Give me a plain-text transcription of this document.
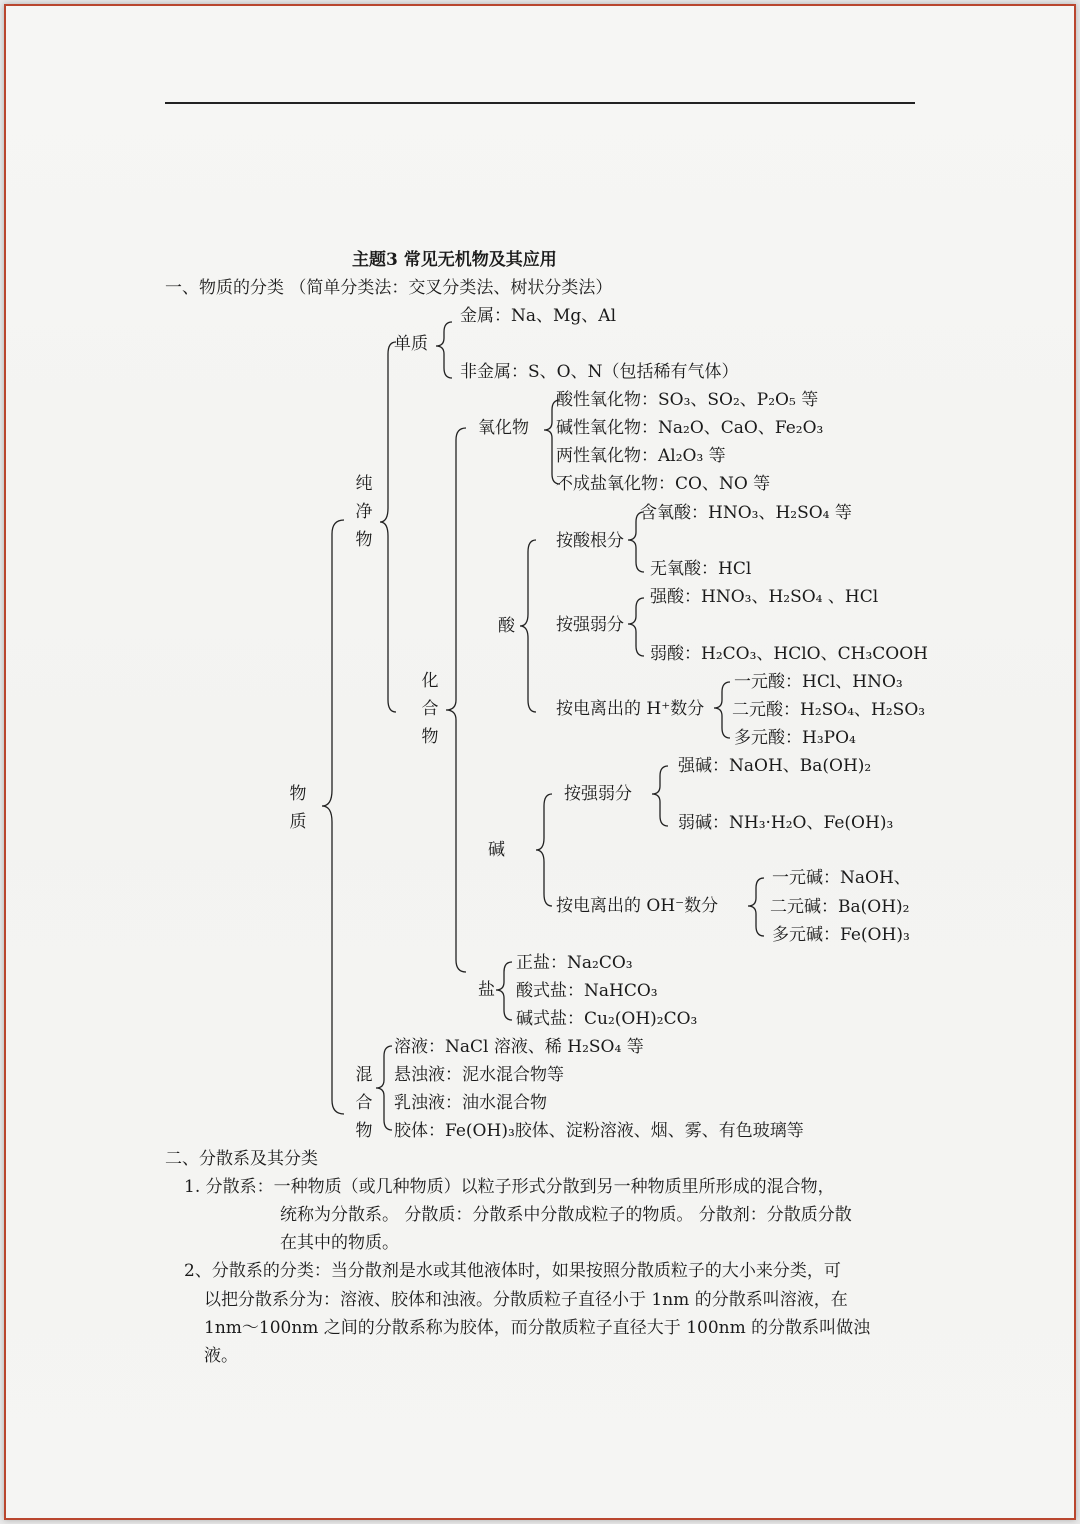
主题3 常见无机物及其应用
一、物质的分类 （简单分类法：交叉分类法、树状分类法）
物
质
纯
净
物
化
合
物
混
合
物
单质
金属：Na、Mg、Al
非金属：S、O、N（包括稀有气体）
氧化物
酸性氧化物：SO₃、SO₂、P₂O₅ 等
碱性氧化物：Na₂O、CaO、Fe₂O₃
两性氧化物：Al₂O₃ 等
不成盐氧化物：CO、NO 等
酸
按酸根分
含氧酸：HNO₃、H₂SO₄ 等
无氧酸：HCl
按强弱分
强酸：HNO₃、H₂SO₄ 、HCl
弱酸：H₂CO₃、HClO、CH₃COOH
按电离出的 H⁺数分
一元酸：HCl、HNO₃
二元酸：H₂SO₄、H₂SO₃
多元酸：H₃PO₄
碱
按强弱分
强碱：NaOH、Ba(OH)₂
弱碱：NH₃·H₂O、Fe(OH)₃
按电离出的 OH⁻数分
一元碱：NaOH、
二元碱：Ba(OH)₂
多元碱：Fe(OH)₃
盐
正盐：Na₂CO₃
酸式盐：NaHCO₃
碱式盐：Cu₂(OH)₂CO₃
溶液：NaCl 溶液、稀 H₂SO₄ 等
悬浊液：泥水混合物等
乳浊液：油水混合物
胶体：Fe(OH)₃胶体、淀粉溶液、烟、雾、有色玻璃等
二、分散系及其分类
1. 分散系：一种物质（或几种物质）以粒子形式分散到另一种物质里所形成的混合物，
统称为分散系。 分散质：分散系中分散成粒子的物质。 分散剂：分散质分散
在其中的物质。
2、分散系的分类：当分散剂是水或其他液体时，如果按照分散质粒子的大小来分类，可
以把分散系分为：溶液、胶体和浊液。分散质粒子直径小于 1nm 的分散系叫溶液，在
1nm～100nm 之间的分散系称为胶体，而分散质粒子直径大于 100nm 的分散系叫做浊
液。
